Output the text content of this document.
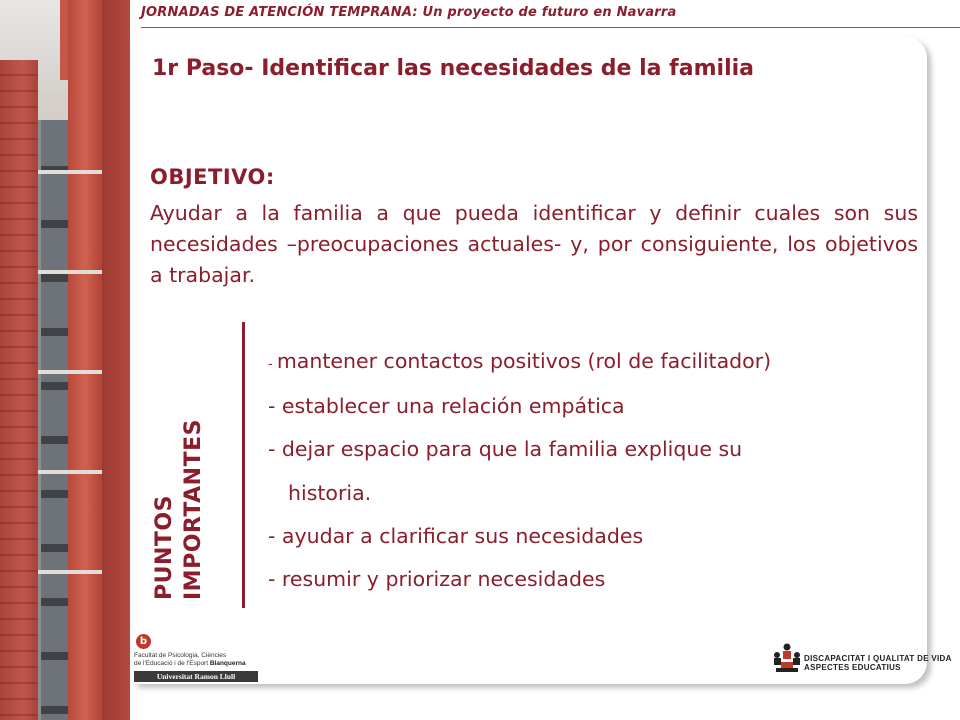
JORNADAS DE ATENCIÓN TEMPRANA: Un proyecto de futuro en Navarra
1r Paso- Identificar las necesidades de la familia
OBJETIVO:
Ayudar a la familia a que pueda identificar y definir cuales son sus necesidades –preocupaciones actuales- y, por consiguiente, los objetivos a trabajar.
PUNTOS IMPORTANTES
- mantener contactos positivos (rol de facilitador)
- establecer una relación empática
- dejar espacio para que la familia explique su
historia.
- ayudar a clarificar sus necesidades
- resumir y priorizar necesidades
b
Facultat de Psicologia, Ciències
de l'Educació i de l'Esport Blanquerna
Universitat Ramon Llull
DISCAPACITAT I QUALITAT DE VIDA
ASPECTES EDUCATIUS
